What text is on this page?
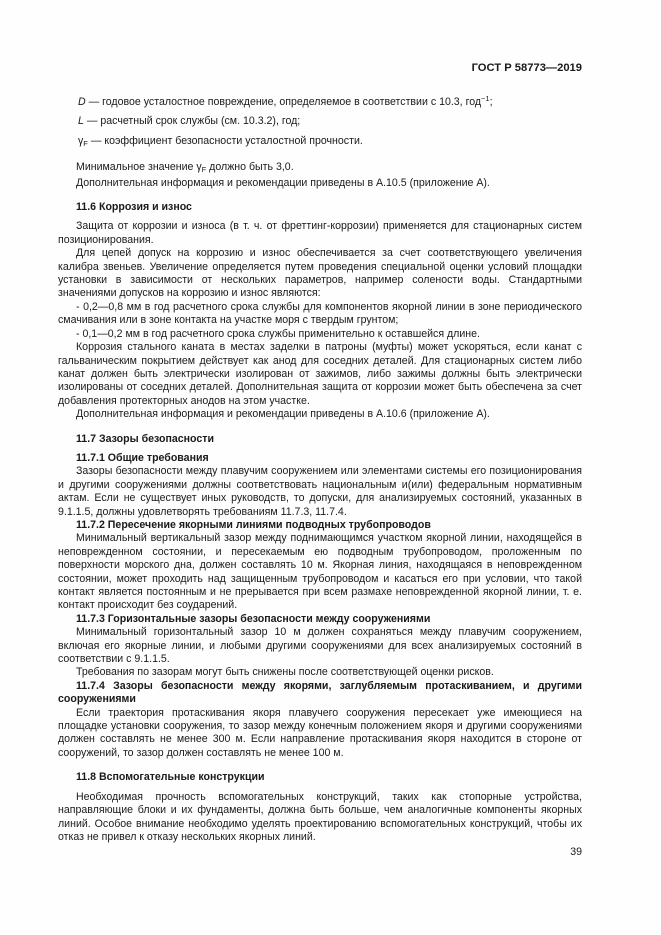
ГОСТ Р 58773—2019

D — годовое усталостное повреждение, определяемое в соответствии с 10.3, год$^{-1}$;

L — расчетный срок службы (см. 10.3.2), год;

$\gamma_F$ — коэффициент безопасности усталостной прочности.

Минимальное значение $\gamma_F$ должно быть 3,0.

Дополнительная информация и рекомендации приведены в А.10.5 (приложение А).

11.6 Коррозия и износ

Защита от коррозии и износа (в т. ч. от фреттинг-коррозии) применяется для стационарных систем позиционирования.

Для цепей допуск на коррозию и износ обеспечивается за счет соответствующего увеличения калибра звеньев. Увеличение определяется путем проведения специальной оценки условий площадки установки в зависимости от нескольких параметров, например солености воды. Стандартными значениями допусков на коррозию и износ являются:

- 0,2—0,8 мм в год расчетного срока службы для компонентов якорной линии в зоне периодического смачивания или в зоне контакта на участке моря с твердым грунтом;

- 0,1—0,2 мм в год расчетного срока службы применительно к оставшейся длине.

Коррозия стального каната в местах заделки в патроны (муфты) может ускоряться, если канат с гальваническим покрытием действует как анод для соседних деталей. Для стационарных систем либо канат должен быть электрически изолирован от зажимов, либо зажимы должны быть электрически изолированы от соседних деталей. Дополнительная защита от коррозии может быть обеспечена за счет добавления протекторных анодов на этом участке.

Дополнительная информация и рекомендации приведены в А.10.6 (приложение А).

11.7 Зазоры безопасности

11.7.1 Общие требования

Зазоры безопасности между плавучим сооружением или элементами системы его позиционирования и другими сооружениями должны соответствовать национальным и(или) федеральным нормативным актам. Если не существует иных руководств, то допуски, для анализируемых состояний, указанных в 9.1.1.5, должны удовлетворять требованиям 11.7.3, 11.7.4.

11.7.2 Пересечение якорными линиями подводных трубопроводов

Минимальный вертикальный зазор между поднимающимся участком якорной линии, находящейся в неповрежденном состоянии, и пересекаемым ею подводным трубопроводом, проложенным по поверхности морского дна, должен составлять 10 м. Якорная линия, находящаяся в неповрежденном состоянии, может проходить над защищенным трубопроводом и касаться его при условии, что такой контакт является постоянным и не прерывается при всем размахе неповрежденной якорной линии, т. е. контакт происходит без соударений.

11.7.3 Горизонтальные зазоры безопасности между сооружениями

Минимальный горизонтальный зазор 10 м должен сохраняться между плавучим сооружением, включая его якорные линии, и любыми другими сооружениями для всех анализируемых состояний в соответствии с 9.1.1.5.

Требования по зазорам могут быть снижены после соответствующей оценки рисков.

11.7.4 Зазоры безопасности между якорями, заглубляемым протаскиванием, и другими сооружениями

Если траектория протаскивания якоря плавучего сооружения пересекает уже имеющиеся на площадке установки сооружения, то зазор между конечным положением якоря и другими сооружениями должен составлять не менее 300 м. Если направление протаскивания якоря находится в стороне от сооружений, то зазор должен составлять не менее 100 м.

11.8 Вспомогательные конструкции

Необходимая прочность вспомогательных конструкций, таких как стопорные устройства, направляющие блоки и их фундаменты, должна быть больше, чем аналогичные компоненты якорных линий. Особое внимание необходимо уделять проектированию вспомогательных конструкций, чтобы их отказ не привел к отказу нескольких якорных линий.

39
